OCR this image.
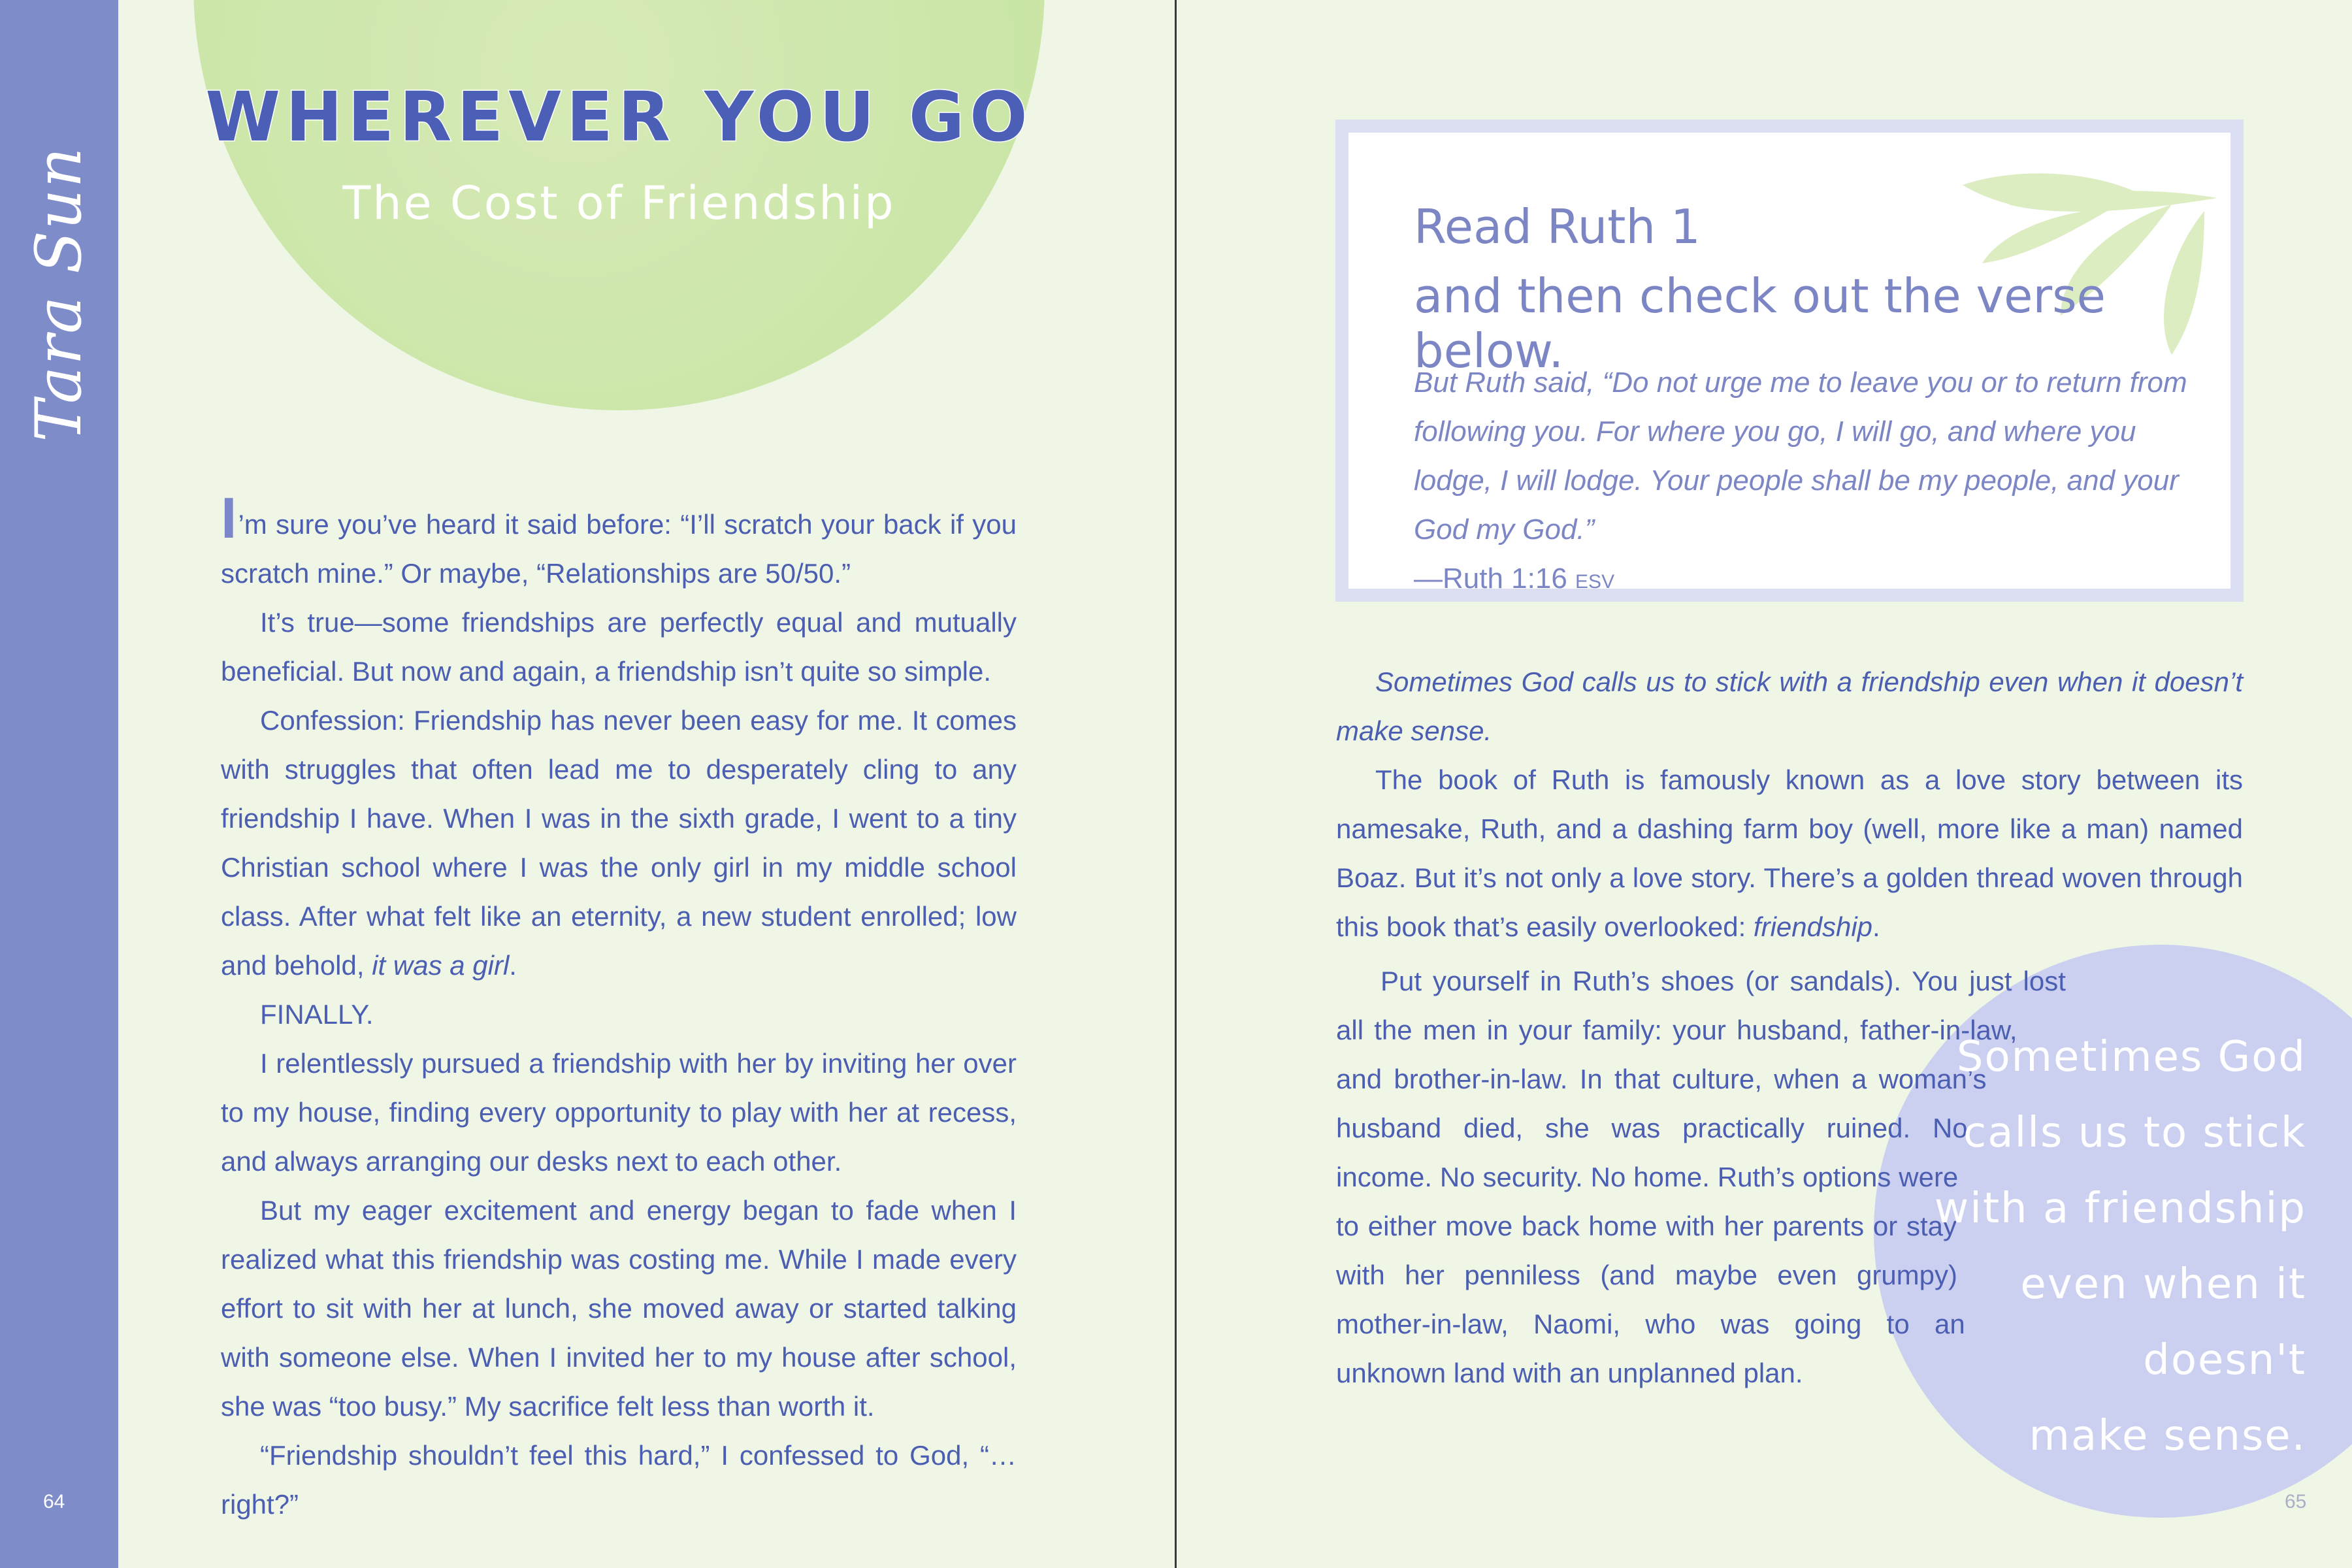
Tara Sun
64	65
WHEREVER YOU GO
The Cost of Friendship

I’m sure you’ve heard it said before: “I’ll scratch your back if you scratch mine.” Or maybe, “Relationships are 50/50.”

It’s true—some friendships are perfectly equal and mutually beneficial. But now and again, a friendship isn’t quite so simple.

Confession: Friendship has never been easy for me. It comes with struggles that often lead me to desperately cling to any friendship I have. When I was in the sixth grade, I went to a tiny Christian school where I was the only girl in my middle school class. After what felt like an eternity, a new student enrolled; low and behold, it was a girl.

FINALLY.

I relentlessly pursued a friendship with her by inviting her over to my house, finding every opportunity to play with her at recess, and always arranging our desks next to each other.

But my eager excitement and energy began to fade when I realized what this friendship was costing me. While I made every effort to sit with her at lunch, she moved away or started talking with someone else. When I invited her to my house after school, she was “too busy.” My sacrifice felt less than worth it.

“Friendship shouldn’t feel this hard,” I confessed to God, “…right?”

Read Ruth 1
and then check out the verse below.
But Ruth said, “Do not urge me to leave you or to return from following you. For where you go, I will go, and where you lodge, I will lodge. Your people shall be my people, and your God my God.”
—Ruth 1:16 ESV

Sometimes God calls us to stick with a friendship even when it doesn’t make sense.

The book of Ruth is famously known as a love story between its namesake, Ruth, and a dashing farm boy (well, more like a man) named Boaz. But it’s not only a love story. There’s a golden thread woven through this book that’s easily overlooked: friendship.

Put yourself in Ruth’s shoes (or sandals). You just lost all the men in your family: your husband, father-in-law, and brother-in-law. In that culture, when a woman’s husband died, she was practically ruined. No income. No security. No home. Ruth’s options were to either move back home with her parents or stay with her penniless (and maybe even grumpy) mother-in-law, Naomi, who was going to an unknown land with an unplanned plan.

Sometimes God
calls us to stick
with a friendship
even when it doesn't
make sense.
